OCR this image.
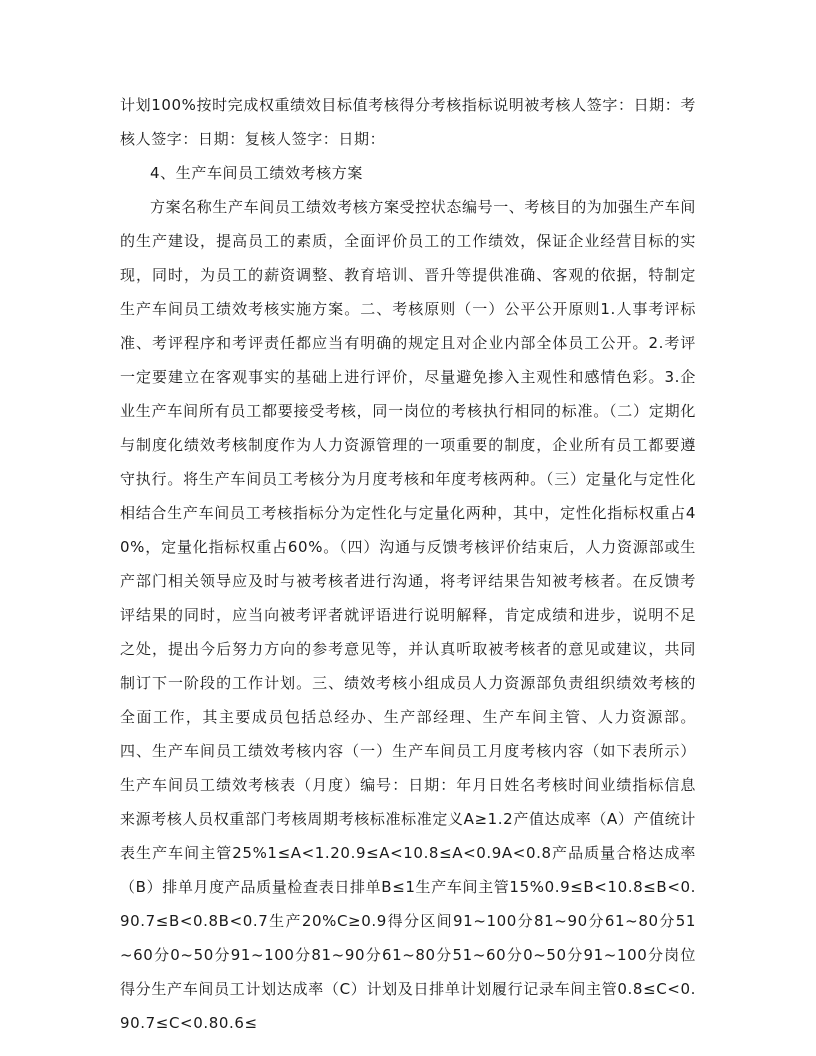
计划100%按时完成权重绩效目标值考核得分考核指标说明被考核人签字：日期：考核人签字：日期：复核人签字：日期：

4、生产车间员工绩效考核方案

方案名称生产车间员工绩效考核方案受控状态编号一、考核目的为加强生产车间的生产建设，提高员工的素质，全面评价员工的工作绩效，保证企业经营目标的实现，同时，为员工的薪资调整、教育培训、晋升等提供准确、客观的依据，特制定生产车间员工绩效考核实施方案。二、考核原则（一）公平公开原则1.人事考评标准、考评程序和考评责任都应当有明确的规定且对企业内部全体员工公开。2.考评一定要建立在客观事实的基础上进行评价，尽量避免掺入主观性和感情色彩。3.企业生产车间所有员工都要接受考核，同一岗位的考核执行相同的标准。（二）定期化与制度化绩效考核制度作为人力资源管理的一项重要的制度，企业所有员工都要遵守执行。将生产车间员工考核分为月度考核和年度考核两种。（三）定量化与定性化相结合生产车间员工考核指标分为定性化与定量化两种，其中，定性化指标权重占40%，定量化指标权重占60%。（四）沟通与反馈考核评价结束后，人力资源部或生产部门相关领导应及时与被考核者进行沟通，将考评结果告知被考核者。在反馈考评结果的同时，应当向被考评者就评语进行说明解释，肯定成绩和进步，说明不足之处，提出今后努力方向的参考意见等，并认真听取被考核者的意见或建议，共同制订下一阶段的工作计划。三、绩效考核小组成员人力资源部负责组织绩效考核的全面工作，其主要成员包括总经办、生产部经理、生产车间主管、人力资源部。四、生产车间员工绩效考核内容（一）生产车间员工月度考核内容（如下表所示）生产车间员工绩效考核表（月度）编号：日期：年月日姓名考核时间业绩指标信息来源考核人员权重部门考核周期考核标准标准定义A≥1.2产值达成率（A）产值统计表生产车间主管25%1≤A<1.20.9≤A<10.8≤A<0.9A<0.8产品质量合格达成率（B）排单月度产品质量检查表日排单B≤1生产车间主管15%0.9≤B<10.8≤B<0.90.7≤B<0.8B<0.7生产20%C≥0.9得分区间91~100分81~90分61~80分51~60分0~50分91~100分81~90分61~80分51~60分0~50分91~100分岗位得分生产车间员工计划达成率（C）计划及日排单计划履行记录车间主管0.8≤C<0.90.7≤C<0.80.6≤
